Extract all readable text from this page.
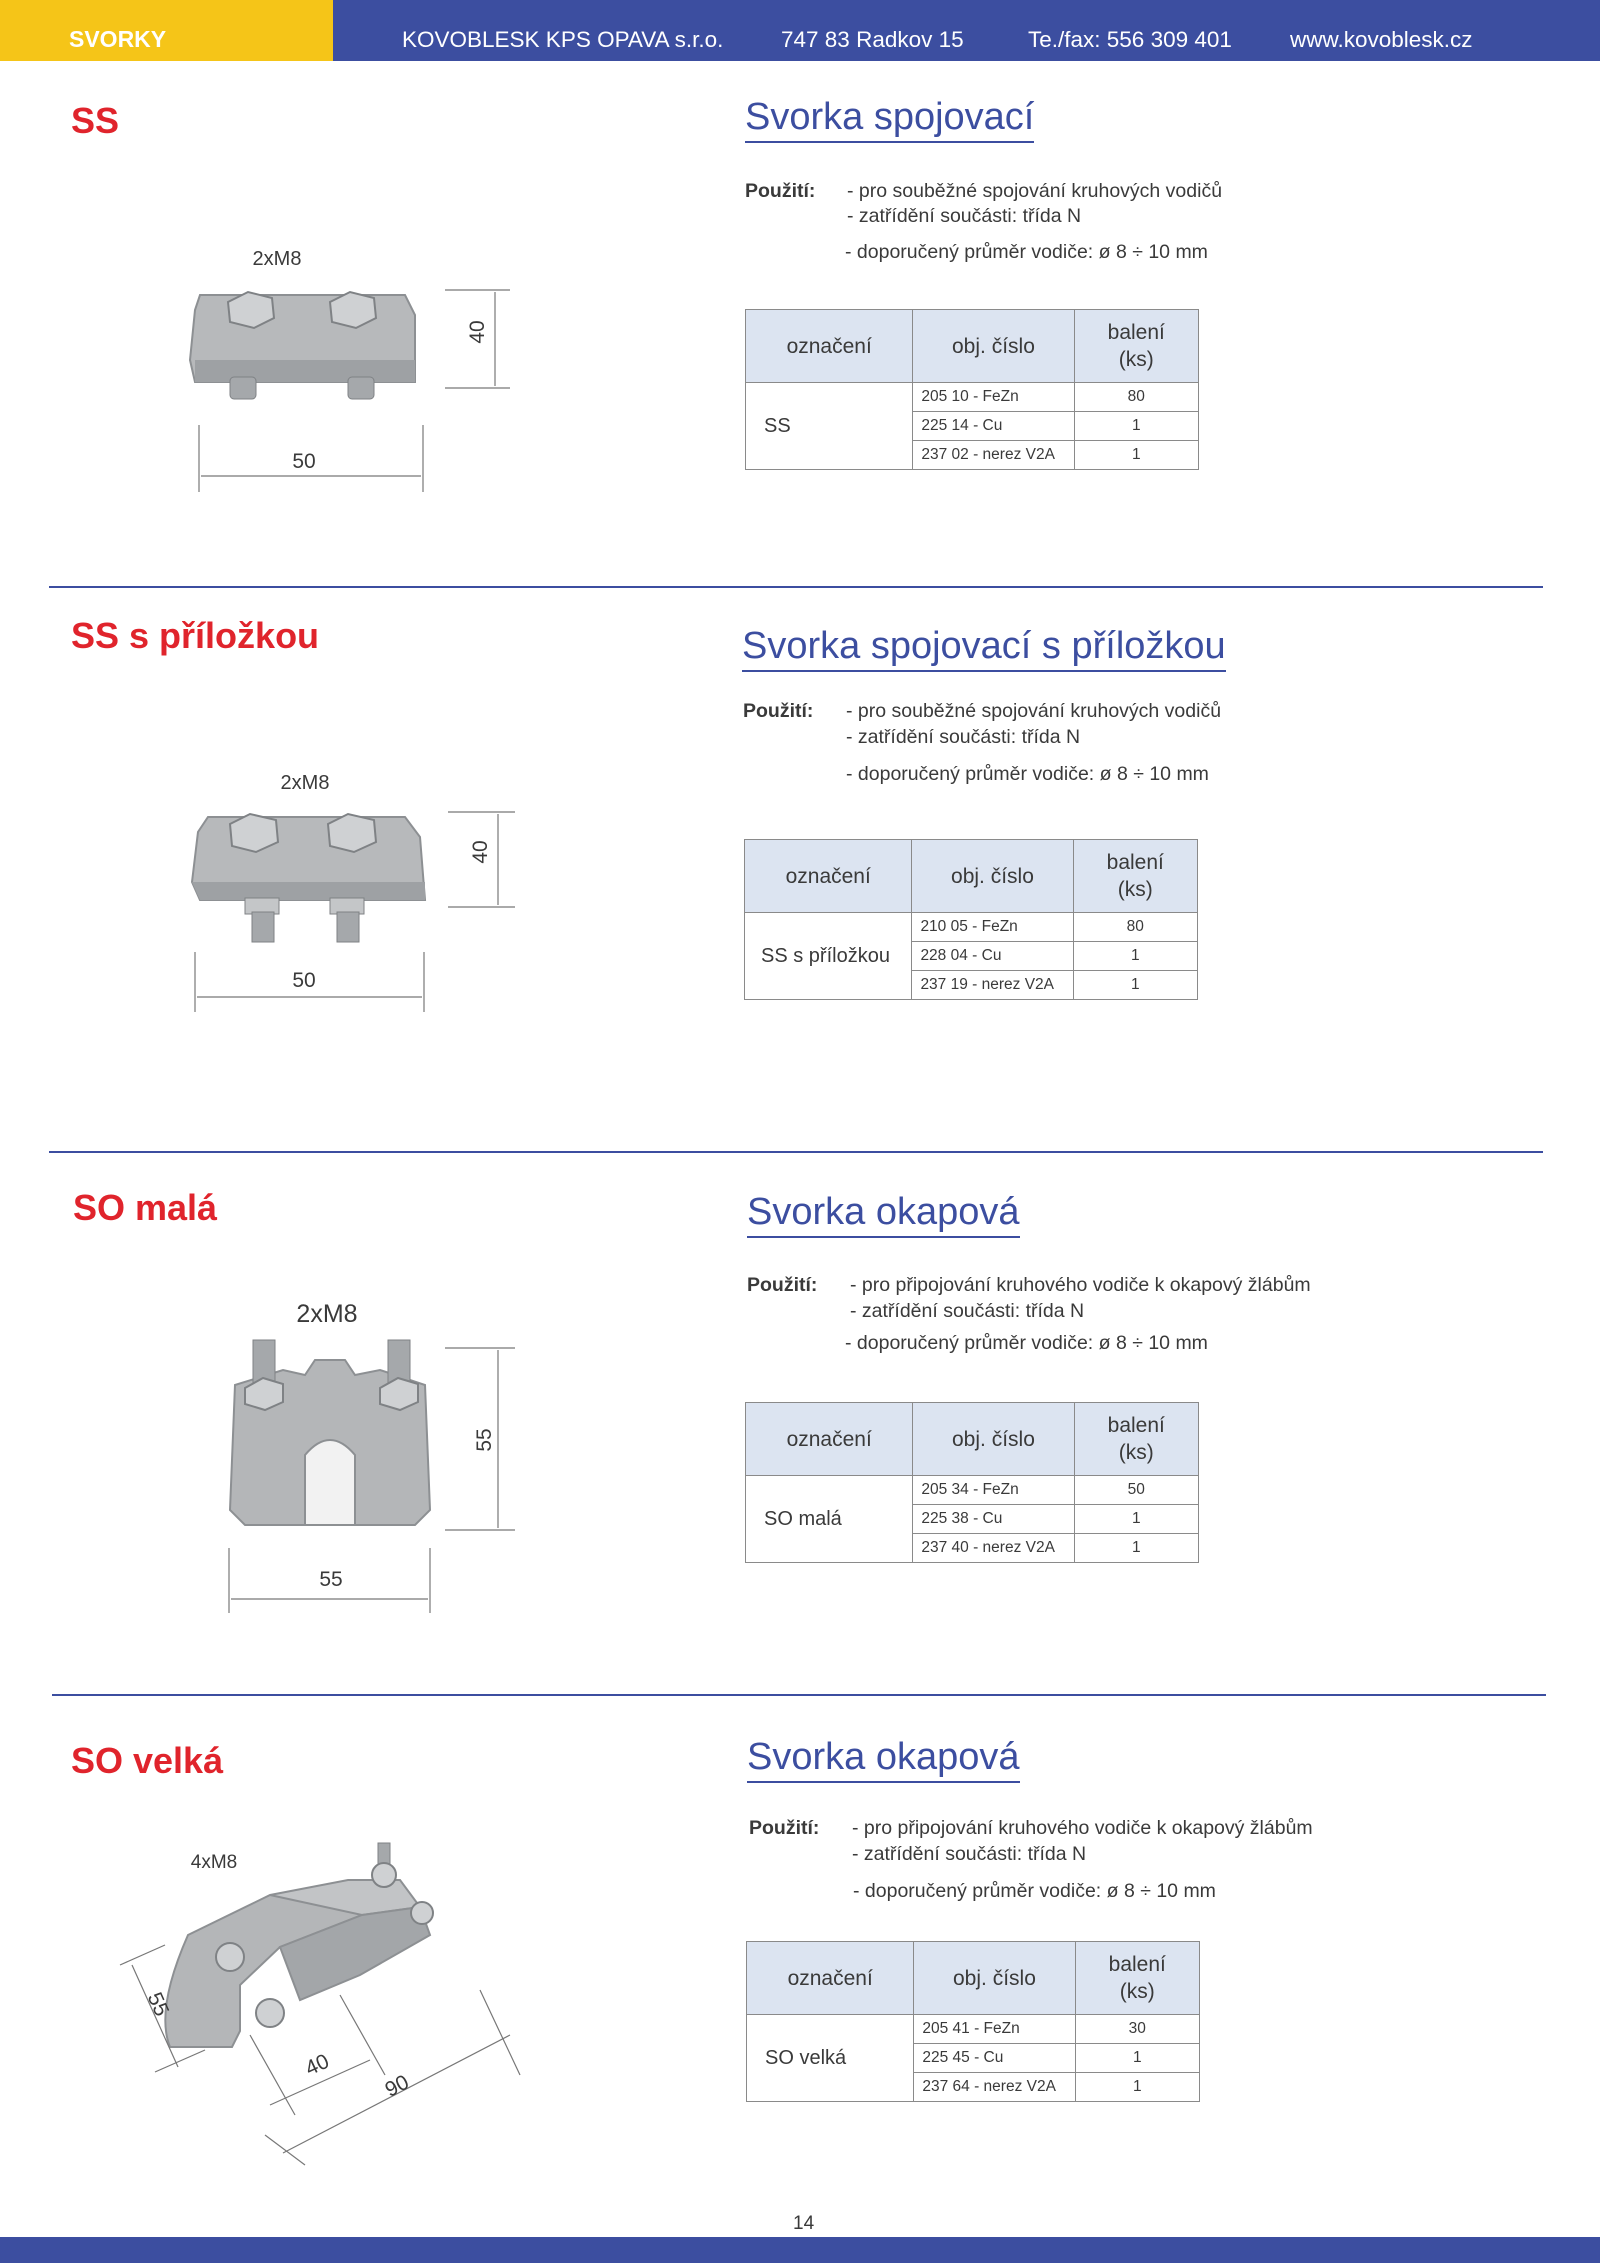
SVORKY	KOVOBLESK KPS OPAVA s.r.o.	747 83 Radkov 15	Te./fax: 556 309 401	www.kovoblesk.cz
SS	Svorka spojovací
Použití: - pro souběžné spojování kruhových vodičů
- zatřídění součásti: třída N
- doporučený průměr vodiče: ø 8 ÷ 10 mm
2xM8
40
50
označení	obj. číslo	balení
(ks)
SS	205 10 - FeZn	80
	225 14 - Cu	1
	237 02 - nerez V2A	1
SS s příložkou	Svorka spojovací s příložkou
Použití: - pro souběžné spojování kruhových vodičů
- zatřídění součásti: třída N
- doporučený průměr vodiče: ø 8 ÷ 10 mm
2xM8
40
50
označení	obj. číslo	balení
(ks)
SS s příložkou	210 05 - FeZn	80
	228 04 - Cu	1
	237 19 - nerez V2A	1
SO malá	Svorka okapová
Použití: - pro připojování kruhového vodiče k okapový žlábům
- zatřídění součásti: třída N
- doporučený průměr vodiče: ø 8 ÷ 10 mm
2xM8
55
55
označení	obj. číslo	balení
(ks)
SO malá	205 34 - FeZn	50
	225 38 - Cu	1
	237 40 - nerez V2A	1
SO velká	Svorka okapová
Použití: - pro připojování kruhového vodiče k okapový žlábům
- zatřídění součásti: třída N
- doporučený průměr vodiče: ø 8 ÷ 10 mm
4xM8
55
40
90
označení	obj. číslo	balení
(ks)
SO velká	205 41 - FeZn	30
	225 45 - Cu	1
	237 64 - nerez V2A	1
14
